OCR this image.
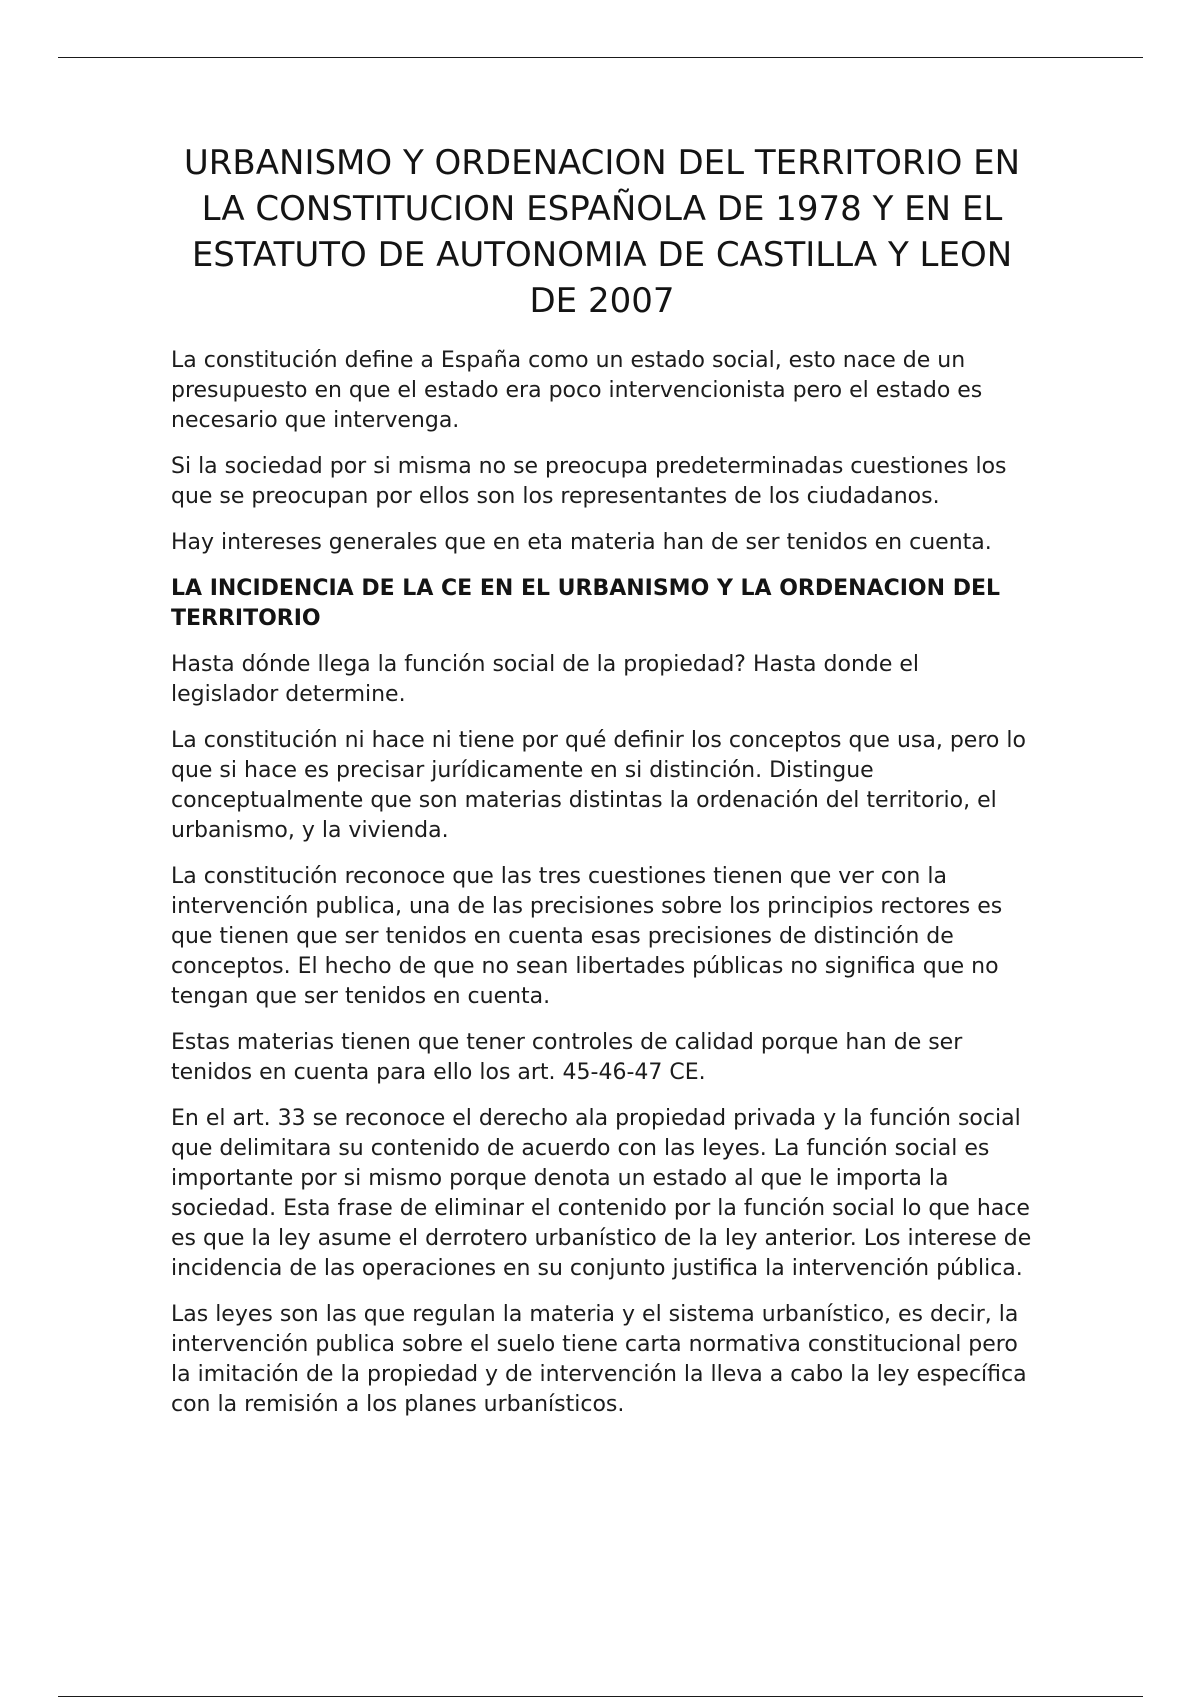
URBANISMO Y ORDENACION DEL TERRITORIO EN LA CONSTITUCION ESPAÑOLA DE 1978 Y EN EL ESTATUTO DE AUTONOMIA DE CASTILLA Y LEON DE 2007

La constitución define a España como un estado social, esto nace de un presupuesto en que el estado era poco intervencionista pero el estado es necesario que intervenga.

Si la sociedad por si misma no se preocupa predeterminadas cuestiones los que se preocupan por ellos son los representantes de los ciudadanos.

Hay intereses generales que en eta materia han de ser tenidos en cuenta.

LA INCIDENCIA DE LA CE EN EL URBANISMO Y LA ORDENACION DEL TERRITORIO

Hasta dónde llega la función social de la propiedad? Hasta donde el legislador determine.

La constitución ni hace ni tiene por qué definir los conceptos que usa, pero lo que si hace es precisar jurídicamente en si distinción. Distingue conceptualmente que son materias distintas la ordenación del territorio, el urbanismo, y la vivienda.

La constitución reconoce que las tres cuestiones tienen que ver con la intervención publica, una de las precisiones sobre los principios rectores es que tienen que ser tenidos en cuenta esas precisiones de distinción de conceptos. El hecho de que no sean libertades públicas no significa que no tengan que ser tenidos en cuenta.

Estas materias tienen que tener controles de calidad porque han de ser tenidos en cuenta para ello los art. 45-46-47 CE.

En el art. 33 se reconoce el derecho ala propiedad privada y la función social que delimitara su contenido de acuerdo con las leyes. La función social es importante por si mismo porque denota un estado al que le importa la sociedad. Esta frase de eliminar el contenido por la función social lo que hace es que la ley asume el derrotero urbanístico de la ley anterior. Los interese de incidencia de las operaciones en su conjunto justifica la intervención pública.

Las leyes son las que regulan la materia y el sistema urbanístico, es decir, la intervención publica sobre el suelo tiene carta normativa constitucional pero la imitación de la propiedad y de intervención la lleva a cabo la ley específica con la remisión a los planes urbanísticos.
